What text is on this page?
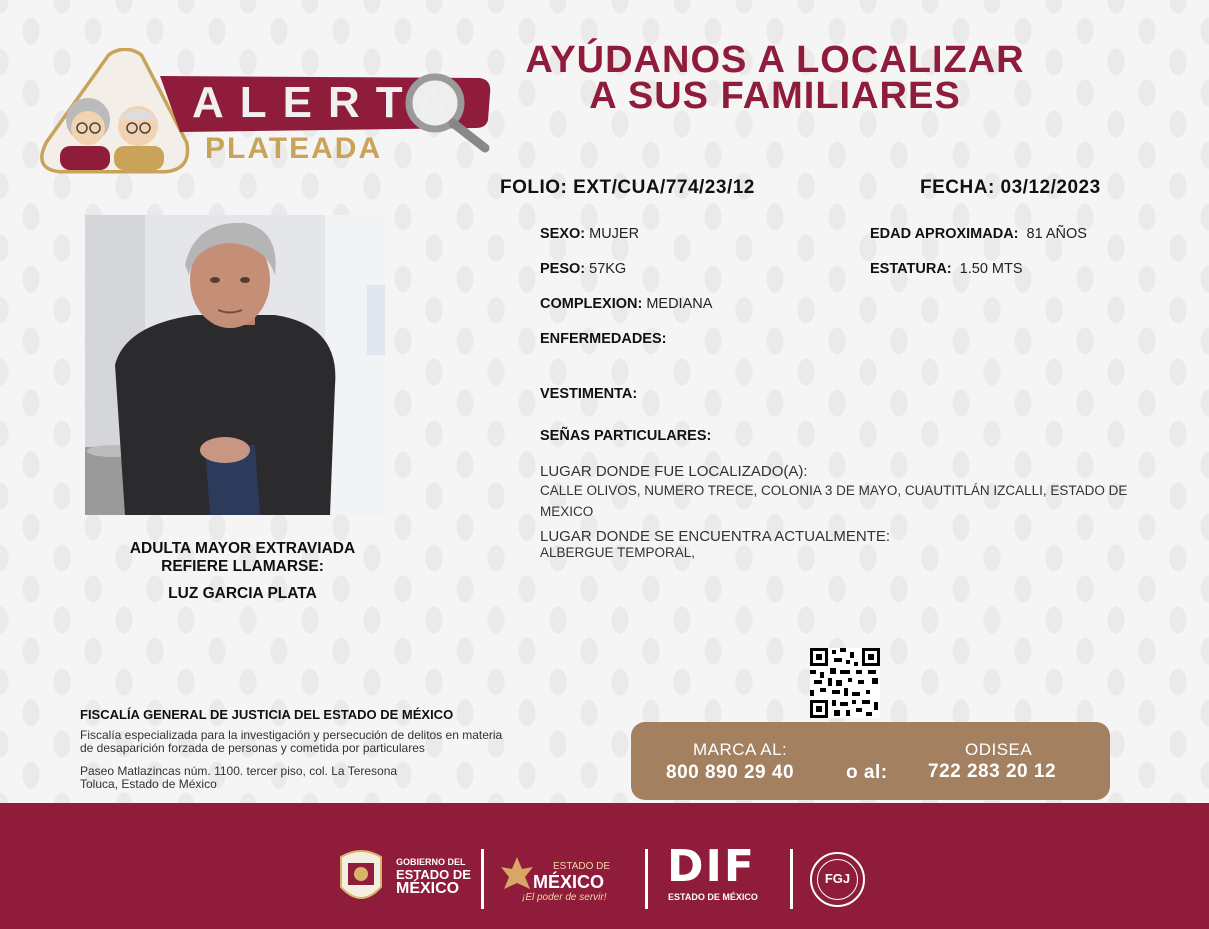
ALERTA
PLATEADA
AYÚDANOS A LOCALIZAR
A SUS FAMILIARES
FOLIO: EXT/CUA/774/23/12	FECHA: 03/12/2023
SEXO: MUJER	EDAD APROXIMADA: 81 AÑOS
PESO: 57KG	ESTATURA: 1.50 MTS
COMPLEXION: MEDIANA
ENFERMEDADES:
VESTIMENTA:
SEÑAS PARTICULARES:
LUGAR DONDE FUE LOCALIZADO(A):
CALLE OLIVOS, NUMERO TRECE, COLONIA 3 DE MAYO, CUAUTITLÁN IZCALLI, ESTADO DE MEXICO
LUGAR DONDE SE ENCUENTRA ACTUALMENTE:
ALBERGUE TEMPORAL,
ADULTA MAYOR EXTRAVIADA
REFIERE LLAMARSE:
LUZ GARCIA PLATA
FISCALÍA GENERAL DE JUSTICIA DEL ESTADO DE MÉXICO
Fiscalía especializada para la investigación y persecución de delitos en materia
de desaparición forzada de personas y cometida por particulares
Paseo Matlazincas núm. 1100. tercer piso, col. La Teresona
Toluca, Estado de México
MARCA AL:
800 890 29 40	o al:
ODISEA
722 283 20 12
GOBIERNO DEL
ESTADO DE
MÉXICO
ESTADO DE
MÉXICO
¡El poder de servir!
DIF
ESTADO DE MÉXICO
FGJ
